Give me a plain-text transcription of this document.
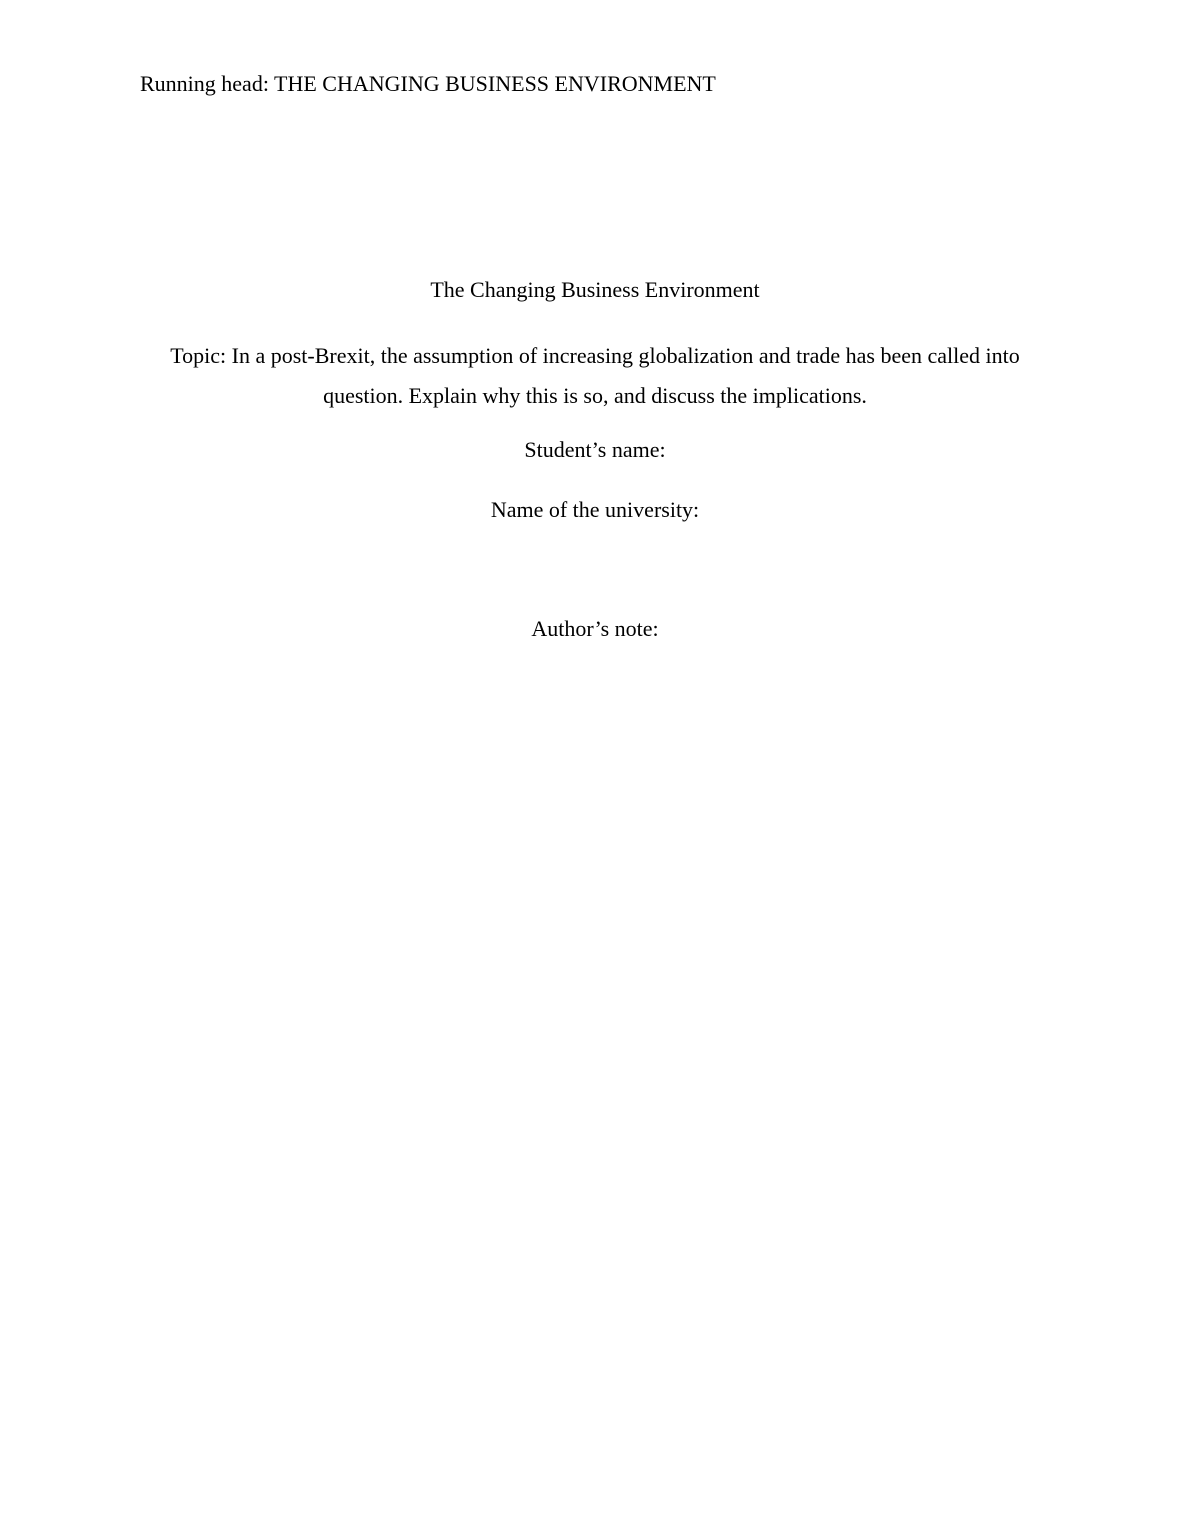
Running head: THE CHANGING BUSINESS ENVIRONMENT
The Changing Business Environment
Topic: In a post-Brexit, the assumption of increasing globalization and trade has been called into
question. Explain why this is so, and discuss the implications.
Student’s name:
Name of the university:
Author’s note:
